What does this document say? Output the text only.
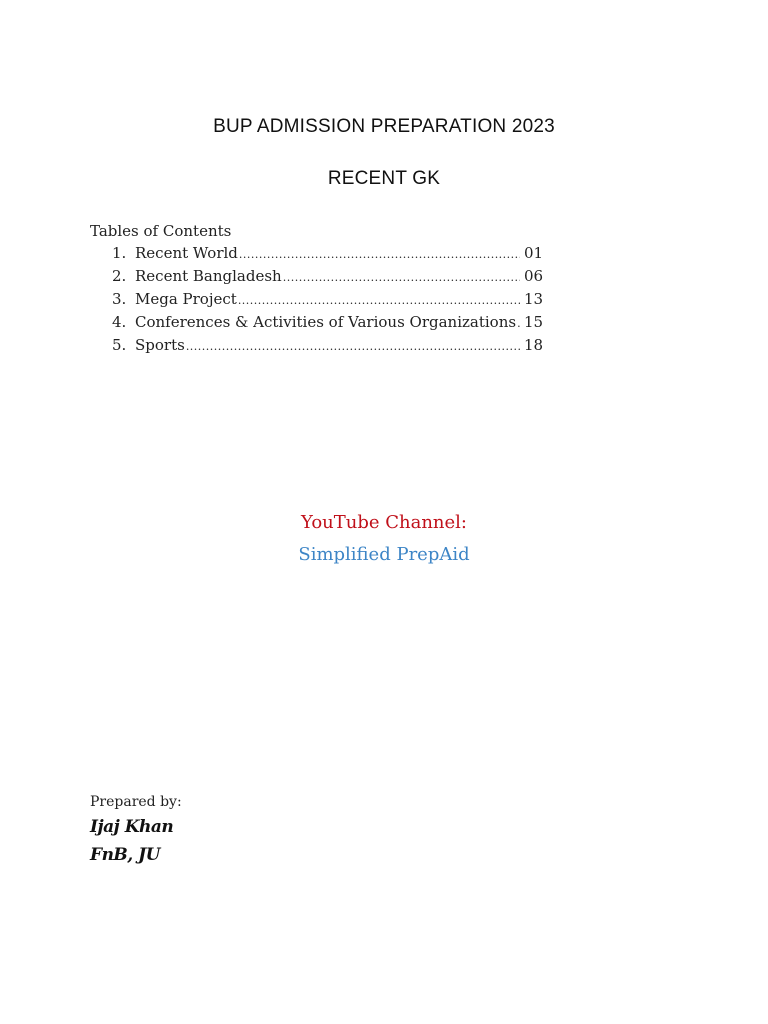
BUP ADMISSION PREPARATION 2023
RECENT GK
Tables of Contents
1. Recent World .....	01
2. Recent Bangladesh .....	06
3. Mega Project .....	13
4. Conferences & Activities of Various Organizations ..... 15
5. Sports .....	18
YouTube Channel:
Simplified PrepAid
Prepared by:
Ijaj Khan
FnB, JU
